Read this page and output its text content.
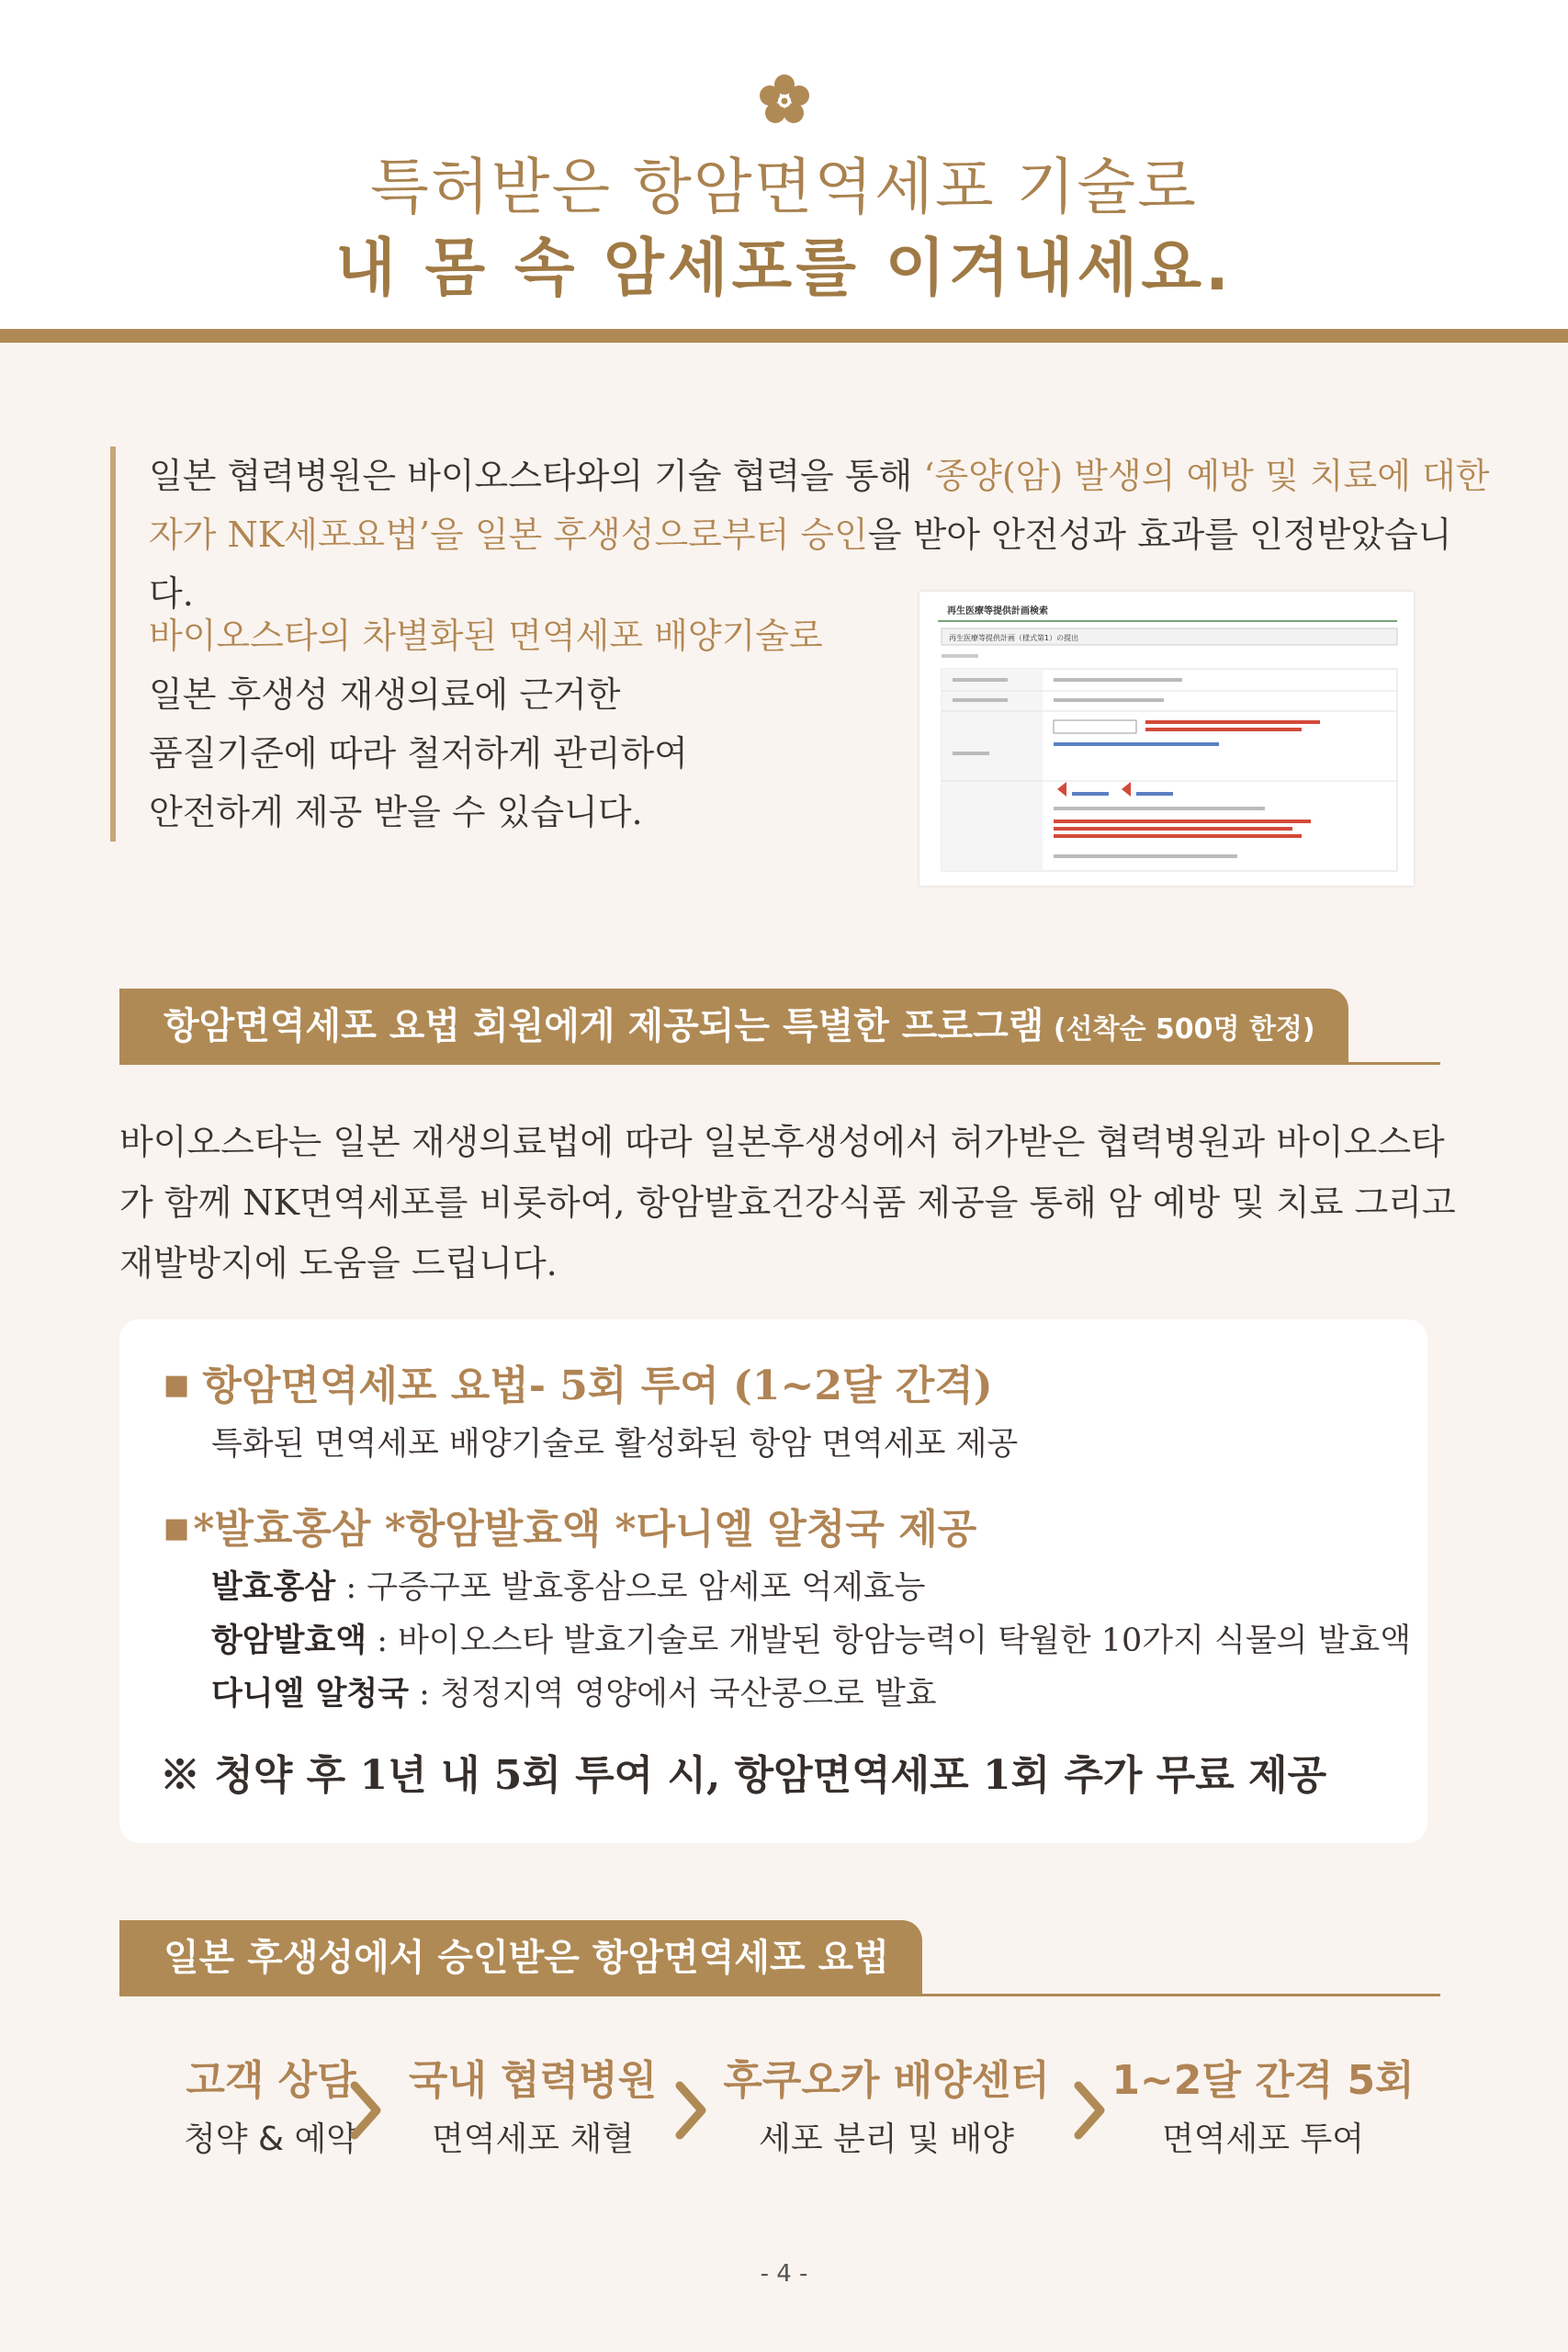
특허받은 항암면역세포 기술로
내 몸 속 암세포를 이겨내세요.
일본 협력병원은 바이오스타와의 기술 협력을 통해 ‘종양(암) 발생의 예방 및 치료에 대한 자가 NK세포요법’을 일본 후생성으로부터 승인을 받아 안전성과 효과를 인정받았습니다.
바이오스타의 차별화된 면역세포 배양기술로
일본 후생성 재생의료에 근거한
품질기준에 따라 철저하게 관리하여
안전하게 제공 받을 수 있습니다.
再生医療等提供計画検索
再生医療等提供計画（様式第1）の提出
항암면역세포 요법 회원에게 제공되는 특별한 프로그램 (선착순 500명 한정)
바이오스타는 일본 재생의료법에 따라 일본후생성에서 허가받은 협력병원과 바이오스타가 함께 NK면역세포를 비롯하여, 항암발효건강식품 제공을 통해 암 예방 및 치료 그리고 재발방지에 도움을 드립니다.
■ 항암면역세포 요법- 5회 투여 (1~2달 간격)
특화된 면역세포 배양기술로 활성화된 항암 면역세포 제공
■*발효홍삼 *항암발효액 *다니엘 알청국 제공
발효홍삼 : 구증구포 발효홍삼으로 암세포 억제효능
항암발효액 : 바이오스타 발효기술로 개발된 항암능력이 탁월한 10가지 식물의 발효액
다니엘 알청국 : 청정지역 영양에서 국산콩으로 발효
※ 청약 후 1년 내 5회 투여 시, 항암면역세포 1회 추가 무료 제공
일본 후생성에서 승인받은 항암면역세포 요법
고객 상담
청약 & 예약
국내 협력병원
면역세포 채혈
후쿠오카 배양센터
세포 분리 및 배양
1~2달 간격 5회
면역세포 투여
- 4 -
